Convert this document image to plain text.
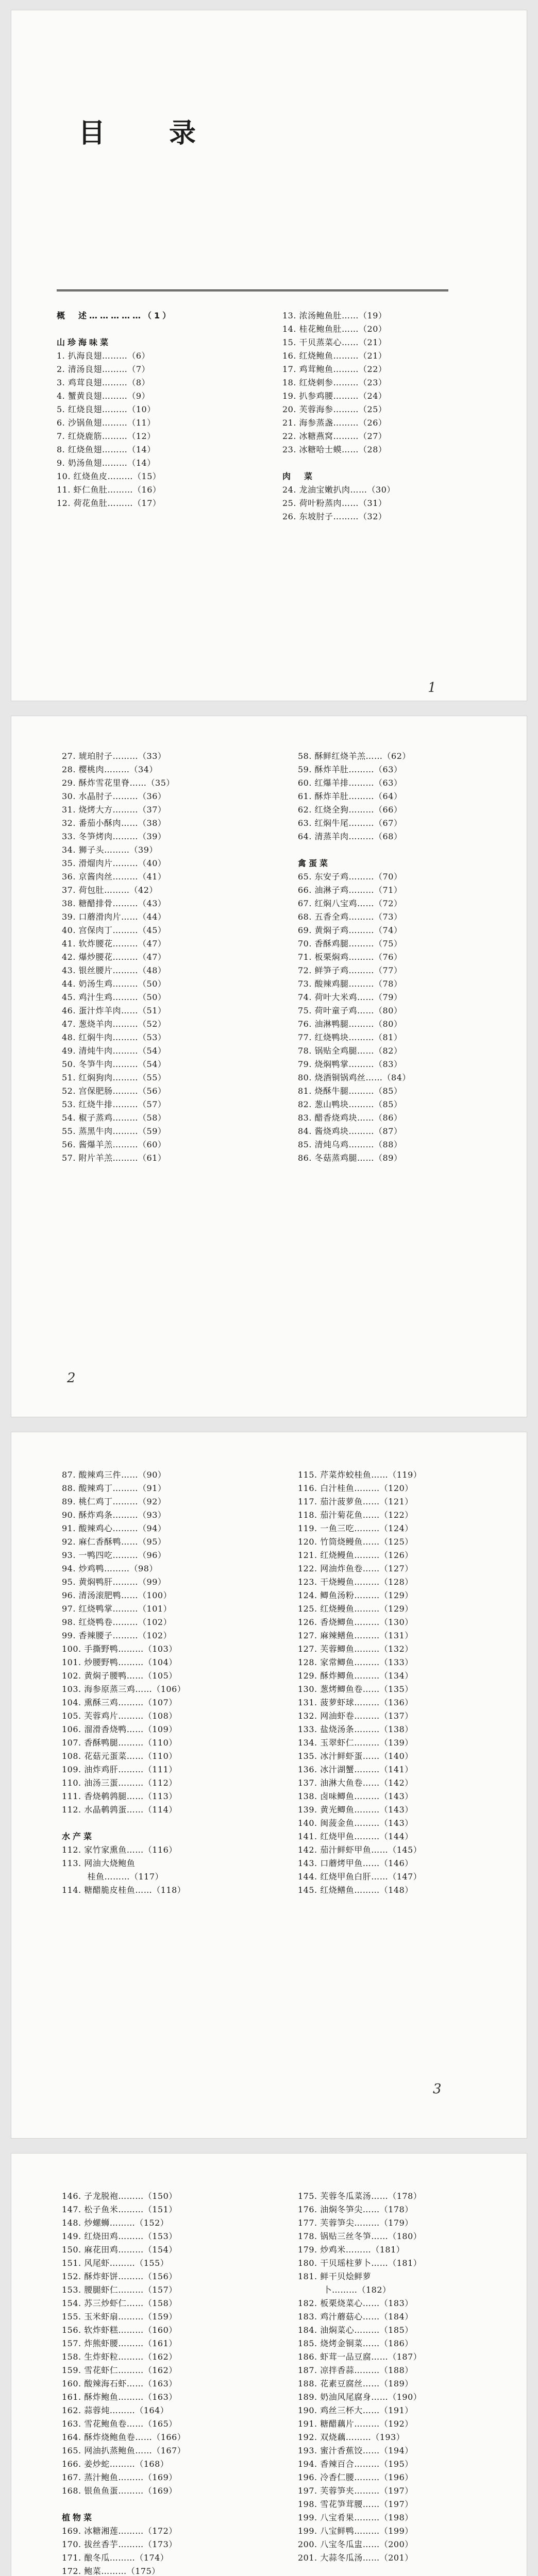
目　录
概　述……………（1）
山珍海味菜
1. 扒海良翅………（6）
2. 清汤良翅………（7）
3. 鸡茸良翅………（8）
4. 蟹黄良翅………（9）
5. 红烧良翅………（10）
6. 沙锅鱼翅………（11）
7. 红烧鹿筋………（12）
8. 红烧鱼翅………（14）
9. 奶汤鱼翅………（14）
10. 红烧鱼皮………（15）
11. 虾仁鱼肚………（16）
12. 荷花鱼肚………（17）
13. 浓汤鲍鱼肚……（19）
14. 桂花鲍鱼肚……（20）
15. 干贝蒸菜心……（21）
16. 红烧鲍鱼………（21）
17. 鸡茸鲍鱼………（22）
18. 红烧刺参………（23）
19. 扒参鸡腰………（24）
20. 芙蓉海参………（25）
21. 海参蒸盏………（26）
22. 冰糖燕窝………（27）
23. 冰糖哈士蟆……（28）
肉　菜
24. 龙油宝嫩扒肉……（30）
25. 荷叶粉蒸肉……（31）
26. 东坡肘子………（32）
1
27. 琥珀肘子………（33）
28. 樱桃肉………（34）
29. 酥炸雪花里脊……（35）
30. 水晶肘子………（36）
31. 烧烤大方………（37）
32. 番茄小酥肉……（38）
33. 冬笋烤肉………（39）
34. 狮子头………（39）
35. 滑熘肉片………（40）
36. 京酱肉丝………（41）
37. 荷包肚………（42）
38. 糖醋排骨………（43）
39. 口蘑滑肉片……（44）
40. 宫保肉丁………（45）
41. 软炸腰花………（47）
42. 爆炒腰花………（47）
43. 银丝腰片………（48）
44. 奶汤生鸡………（50）
45. 鸡汁生鸡………（50）
46. 蛋汁炸羊肉……（51）
47. 葱烧羊肉………（52）
48. 红焖牛肉………（53）
49. 清炖牛肉………（54）
50. 冬笋牛肉………（54）
51. 红焖狗肉………（55）
52. 宫保肥肠………（56）
53. 红烧牛排………（57）
54. 椒子蒸鸡………（58）
55. 蒸黑牛肉………（59）
56. 酱爆羊羔………（60）
57. 附片羊羔………（61）
58. 酥鲜红烧羊羔……（62）
59. 酥炸羊肚………（63）
60. 红爆羊排………（63）
61. 酥炸羊肚………（64）
62. 红烧全狗………（66）
63. 红焖牛尾………（67）
64. 清蒸羊肉………（68）
禽蛋菜
65. 东安子鸡………（70）
66. 油淋子鸡………（71）
67. 红焖八宝鸡……（72）
68. 五香全鸡………（73）
69. 黄焖子鸡………（74）
70. 香酥鸡腿………（75）
71. 板栗焖鸡………（76）
72. 鲜笋子鸡………（77）
73. 酸辣鸡腿………（78）
74. 荷叶大米鸡……（79）
75. 荷叶童子鸡……（80）
76. 油淋鸭腿………（80）
77. 红烧鸭块………（81）
78. 锅贴全鸡腿……（82）
79. 烧焖鸭掌………（83）
80. 烧酒铜锅鸡丝……（84）
81. 烧酥牛腿………（85）
82. 葱山鸭块………（85）
83. 醋香烧鸡块……（86）
84. 酱烧鸡块………（87）
85. 清炖乌鸡………（88）
86. 冬菇蒸鸡腿……（89）
2
87. 酸辣鸡三件……（90）
88. 酸辣鸡丁………（91）
89. 桃仁鸡丁………（92）
90. 酥炸鸡条………（93）
91. 酸辣鸡心………（94）
92. 麻仁香酥鸭……（95）
93. 一鸭四吃………（96）
94. 炒鸡鸭………（98）
95. 黄焖鸭肝………（99）
96. 清汤滚肥鸭……（100）
97. 红烧鸭掌………（101）
98. 红烧鸭卷………（102）
99. 香辣腰子………（102）
100. 手撕野鸭………（103）
101. 炒腰野鸭………（104）
102. 黄焖子腰鸭……（105）
103. 海参原蒸三鸡……（106）
104. 熏酥三鸡………（107）
105. 芙蓉鸡片………（108）
106. 溜滑香烧鸭……（109）
107. 香酥鸭腿………（110）
108. 花菇元蛋菜……（110）
109. 油炸鸡肝………（111）
110. 油汤三蛋………（112）
111. 香烧鹌鹑腿……（113）
112. 水晶鹌鹑蛋……（114）
水产菜
112. 家竹家熏鱼……（116）
113. 网油大烧鲍鱼
　　　桂鱼………（117）
114. 糖醋脆皮桂鱼……（118）
115. 芹菜炸蛟桂鱼……（119）
116. 白汁桂鱼………（120）
117. 茄汁菠萝鱼……（121）
118. 茄汁菊花鱼……（122）
119. 一鱼三吃………（124）
120. 竹筒烧鳗鱼……（125）
121. 红烧鳗鱼………（126）
122. 网油炸鱼卷……（127）
123. 干烧鳗鱼………（128）
124. 鲫鱼汤粉………（129）
125. 红烧鳗鱼………（129）
126. 香烧鲫鱼………（130）
127. 麻辣鳝鱼………（131）
127. 芙蓉鲫鱼………（132）
128. 家常鲫鱼………（133）
129. 酥炸鲫鱼………（134）
130. 葱烤鲫鱼卷……（135）
131. 菠萝虾球………（136）
132. 网油虾卷………（137）
133. 盐烧汤条………（138）
134. 玉翠虾仁………（139）
135. 冰汁鲜虾蛋……（140）
136. 冰汁湖蟹………（141）
137. 油淋大鱼卷……（142）
138. 卤味鲫鱼………（143）
139. 黄光鲫鱼………（143）
140. 闽菠金鱼………（143）
141. 红烧甲鱼………（144）
142. 茄汁鲜虾甲鱼……（145）
143. 口蘑烤甲鱼……（146）
144. 红烧甲鱼白肝……（147）
145. 红烧鳝鱼………（148）
3
146. 子龙脱袍………（150）
147. 松子鱼米………（151）
148. 炒螺蛳………（152）
149. 红烧田鸡………（153）
150. 麻花田鸡………（154）
151. 风尾虾………（155）
152. 酥炸虾饼………（156）
153. 腰腿虾仁………（157）
154. 苏三炒虾仁……（158）
155. 玉米虾扇………（159）
156. 软炸虾糕………（160）
157. 炸熊虾腰………（161）
158. 生炸虾粒………（162）
159. 雪花虾仁………（162）
160. 酸辣海石虾……（163）
161. 酥炸鲍鱼………（163）
162. 蒜蓉炖………（164）
163. 雪花鲍鱼卷……（165）
164. 酥炸烧鲍鱼卷……（166）
165. 网油扒蒸鲍鱼……（167）
166. 姜炒蛇………（168）
167. 蒸汁鲍鱼………（169）
168. 银鱼鱼蛋………（169）
植物菜
169. 冰糖湘莲………（172）
170. 拔丝香芋………（173）
171. 酿冬瓜………（174）
172. 鲍菜………（175）
175. 芙蓉冬瓜菜汤……（178）
176. 油焖冬笋尖……（178）
177. 芙蓉笋尖………（179）
178. 锅贴三丝冬笋……（180）
179. 炒鸡米………（181）
180. 干贝瑶柱萝卜……（181）
181. 鲜干贝烩鲜萝
　　　卜………（182）
182. 板栗烧菜心……（183）
183. 鸡汁蘑菇心……（184）
184. 油焖菜心………（185）
185. 烧烤金铜菜……（186）
186. 虾茸一品豆腐……（187）
187. 凉拌香蒜………（188）
188. 花素豆腐丝……（189）
189. 奶油风尾腐身……（190）
190. 鸡丝三杯大……（191）
191. 糖醋藕片………（192）
192. 双烧藕………（193）
193. 蜜汁香蕉饺……（194）
194. 香辣百合………（195）
196. 冷香仁腰………（196）
197. 芙蓉笋夹………（197）
198. 雪花笋茸腰……（197）
199. 八宝肴果………（198）
199. 八宝鲜鸭………（199）
200. 八宝冬瓜盅……（200）
201. 大蒜冬瓜汤……（201）
